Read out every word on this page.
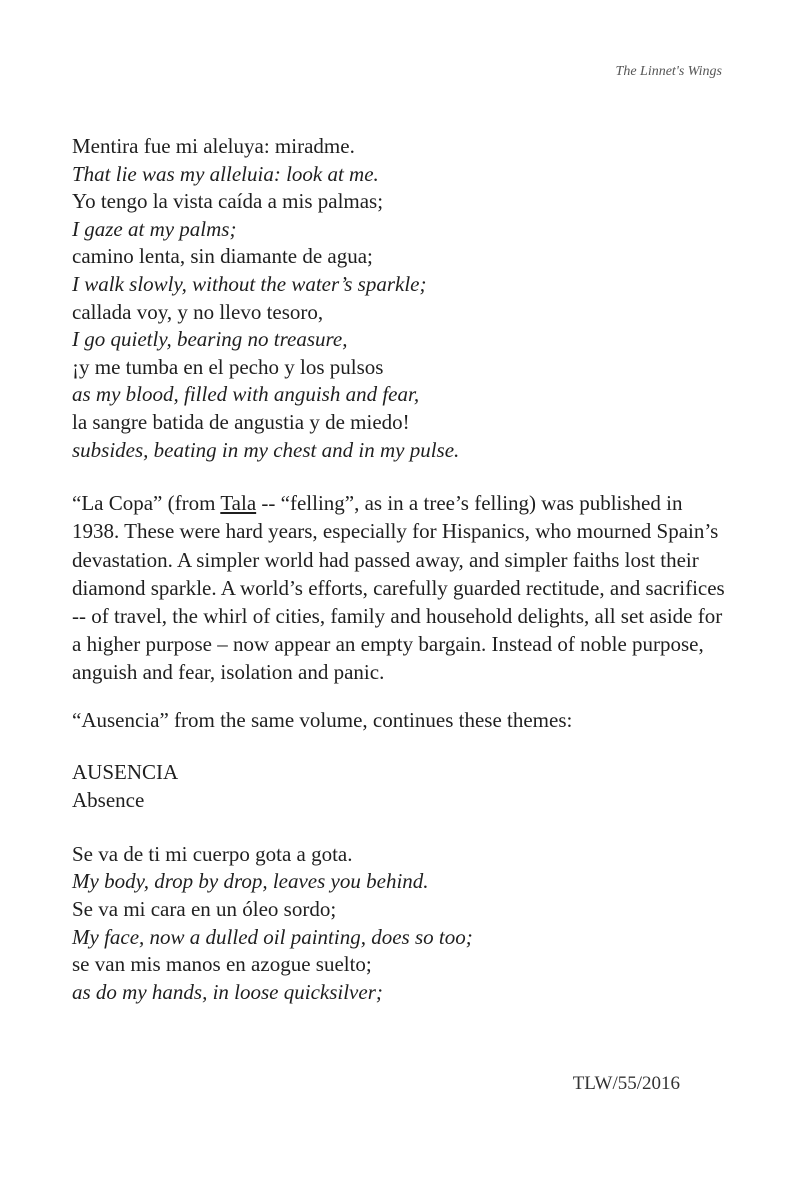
The Linnet's Wings
Mentira fue mi aleluya: miradme.
That lie was my alleluia: look at me.
Yo tengo la vista caída a mis palmas;
I gaze at my palms;
camino lenta, sin diamante de agua;
I walk slowly, without the water’s sparkle;
callada voy, y no llevo tesoro,
I go quietly, bearing no treasure,
¡y me tumba en el pecho y los pulsos
as my blood, filled with anguish and fear,
la sangre batida de angustia y de miedo!
subsides, beating in my chest and in my pulse.

“La Copa” (from Tala -- “felling”, as in a tree’s felling) was published in 1938. These were hard years, especially for Hispanics, who mourned Spain’s devastation. A simpler world had passed away, and simpler faiths lost their diamond sparkle. A world’s efforts, carefully guarded rectitude, and sacrifices -- of travel, the whirl of cities, family and household delights, all set aside for a higher purpose – now appear an empty bargain. Instead of noble purpose, anguish and fear, isolation and panic.

“Ausencia” from the same volume, continues these themes:

AUSENCIA
Absence
Se va de ti mi cuerpo gota a gota.
My body, drop by drop, leaves you behind.
Se va mi cara en un óleo sordo;
My face, now a dulled oil painting, does so too;
se van mis manos en azogue suelto;
as do my hands, in loose quicksilver;
TLW/55/2016
